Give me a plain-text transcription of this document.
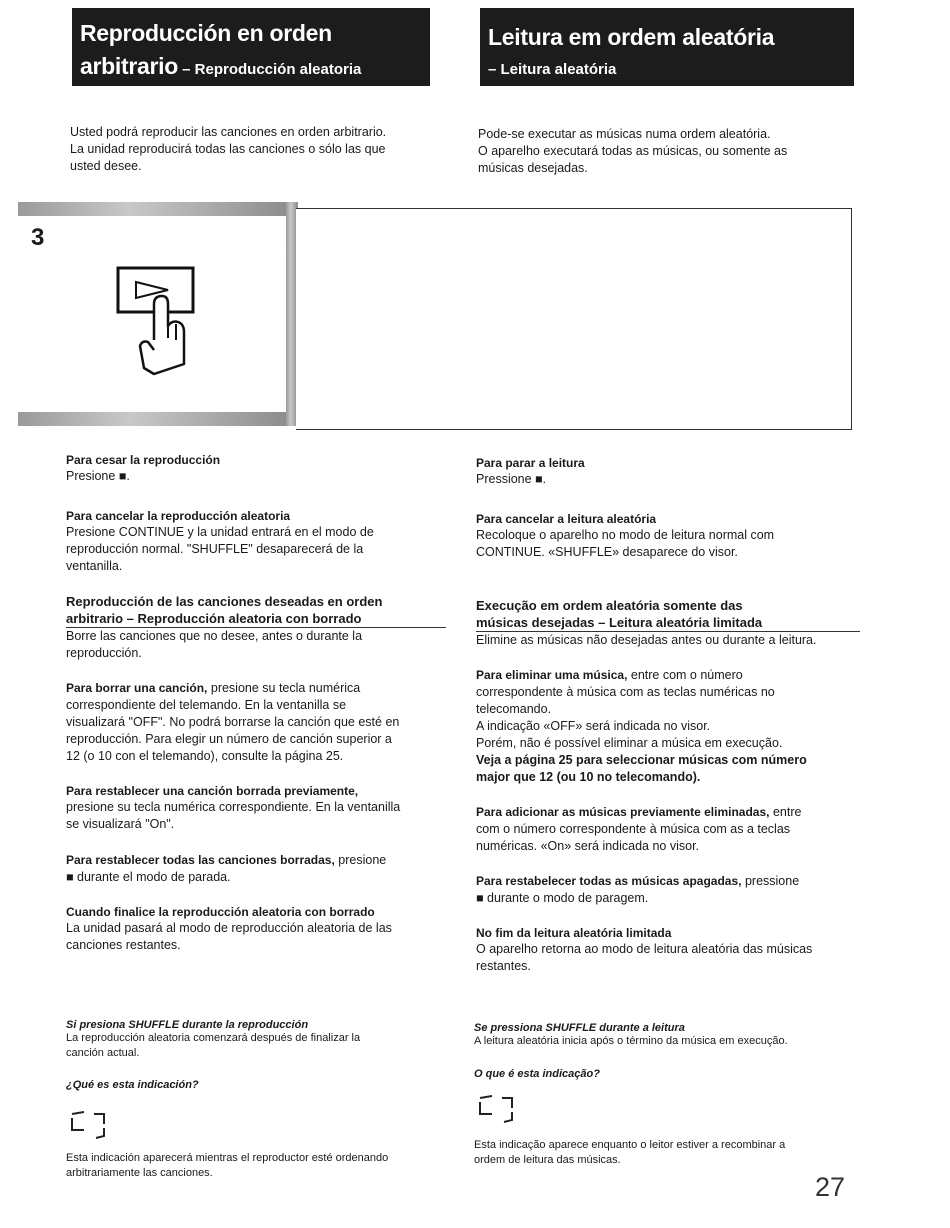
Reproducción en orden
arbitrario – Reproducción aleatoria
Leitura em ordem aleatória
– Leitura aleatória

Usted podrá reproducir las canciones en orden arbitrario.

La unidad reproducirá todas las canciones o sólo las que

usted desee.

Pode-se executar as músicas numa ordem aleatória.

O aparelho executará todas as músicas, ou somente as

músicas desejadas.

3

Para cesar la reproducción

Presione ■.

Para cancelar la reproducción aleatoria

Presione CONTINUE y la unidad entrará en el modo de

reproducción normal. "SHUFFLE" desaparecerá de la

ventanilla.

Reproducción de las canciones deseadas en orden

arbitrario – Reproducción aleatoria con borrado

Borre las canciones que no desee, antes o durante la

reproducción.

Para borrar una canción, presione su tecla numérica

correspondiente del telemando. En la ventanilla se

visualizará "OFF". No podrá borrarse la canción que esté en

reproducción. Para elegir un número de canción superior a

12 (o 10 con el telemando), consulte la página 25.

Para restablecer una canción borrada previamente,

presione su tecla numérica correspondiente. En la ventanilla

se visualizará "On".

Para restablecer todas las canciones borradas, presione

■ durante el modo de parada.

Cuando finalice la reproducción aleatoria con borrado

La unidad pasará al modo de reproducción aleatoria de las

canciones restantes.

Si presiona SHUFFLE durante la reproducción

La reproducción aleatoria comenzará después de finalizar la

canción actual.

¿Qué es esta indicación?

Esta indicación aparecerá mientras el reproductor esté ordenando

arbitrariamente las canciones.

Para parar a leitura

Pressione ■.

Para cancelar a leitura aleatória

Recoloque o aparelho no modo de leitura normal com

CONTINUE. «SHUFFLE» desaparece do visor.

Execução em ordem aleatória somente das

músicas desejadas – Leitura aleatória limitada

Elimine as músicas não desejadas antes ou durante a leitura.

Para eliminar uma música, entre com o número

correspondente à música com as teclas numéricas no

telecomando.

A indicação «OFF» será indicada no visor.

Porém, não é possível eliminar a música em execução.

Veja a página 25 para seleccionar músicas com número

major que 12 (ou 10 no telecomando).

Para adicionar as músicas previamente eliminadas, entre

com o número correspondente à música com as a teclas

numéricas. «On» será indicada no visor.

Para restabelecer todas as músicas apagadas, pressione

■ durante o modo de paragem.

No fim da leitura aleatória limitada

O aparelho retorna ao modo de leitura aleatória das músicas

restantes.

Se pressiona SHUFFLE durante a leitura

A leitura aleatória inicia após o término da música em execução.

O que é esta indicação?

Esta indicação aparece enquanto o leitor estiver a recombinar a

ordem de leitura das músicas.

27
